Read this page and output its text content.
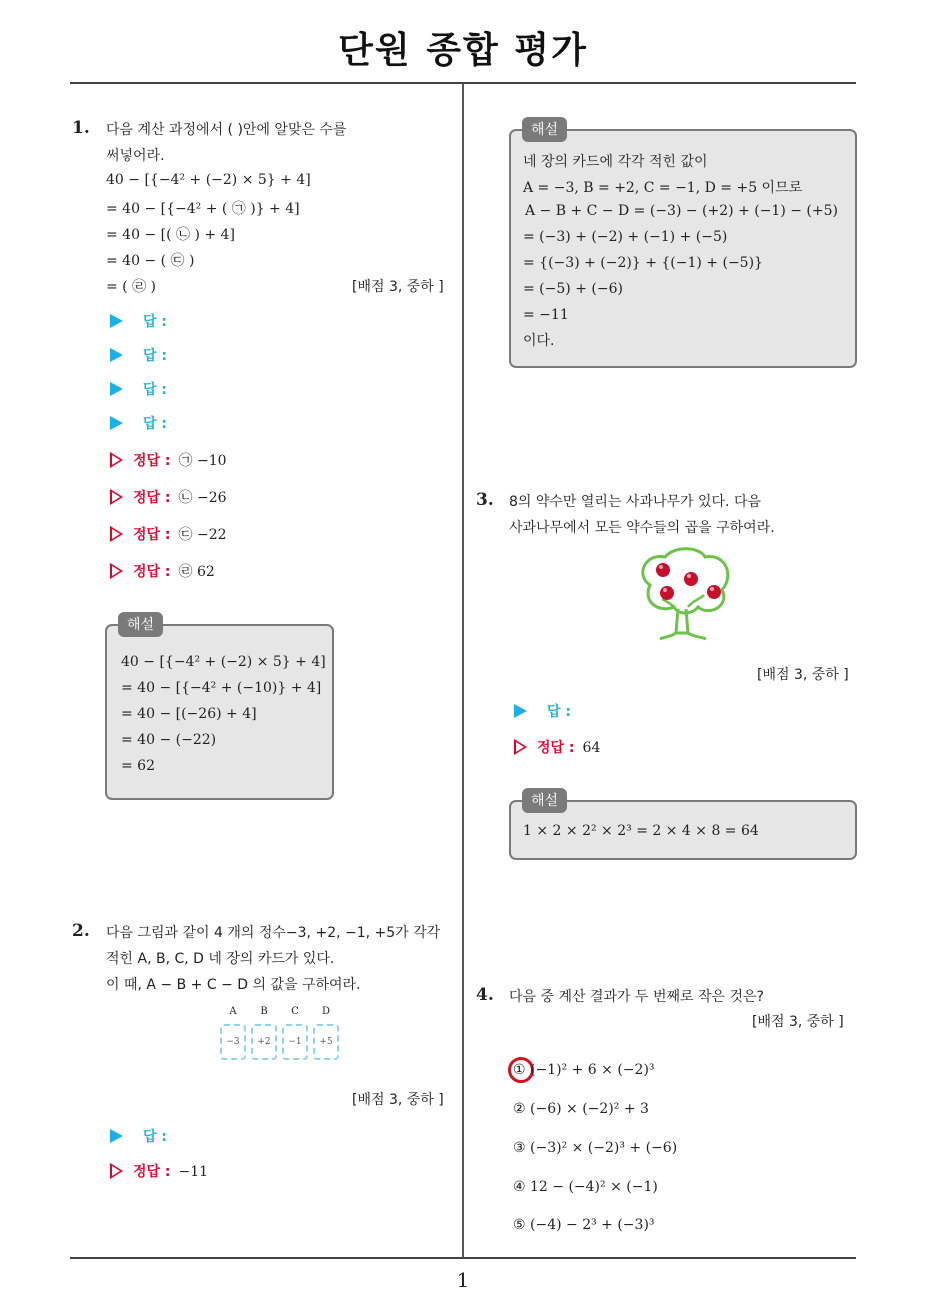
단원 종합 평가
1. 다음 계산 과정에서 ( )안에 알맞은 수를
써넣어라.
40 − [{−4² + (−2) × 5} + 4]
= 40 − [{−4² + ( ㉠ )} + 4]
= 40 − [( ㉡ ) + 4]
= 40 − ( ㉢ )
= ( ㉣ )	[배점 3, 중하 ]
답 :
답 :
답 :
답 :
정답 : ㉠ −10
정답 : ㉡ −26
정답 : ㉢ −22
정답 : ㉣ 62
40 − [{−4² + (−2) × 5} + 4]
= 40 − [{−4² + (−10)} + 4]
= 40 − [(−26) + 4]
= 40 − (−22)
= 62
해설
2. 다음 그림과 같이 4 개의 정수−3, +2, −1, +5가 각각
적힌 A, B, C, D 네 장의 카드가 있다.
이 때, A − B + C − D 의 값을 구하여라.
A	B	C	D
−3	+2	−1	+5
[배점 3, 중하 ]
답 :
정답 : −11
네 장의 카드에 각각 적힌 값이
A = −3, B = +2, C = −1, D = +5 이므로
A − B + C − D = (−3) − (+2) + (−1) − (+5)
= (−3) + (−2) + (−1) + (−5)
= {(−3) + (−2)} + {(−1) + (−5)}
= (−5) + (−6)
= −11
이다.
해설
3. 8의 약수만 열리는 사과나무가 있다. 다음
사과나무에서 모든 약수들의 곱을 구하여라.
[배점 3, 중하 ]
답 :
정답 : 64
1 × 2 × 2² × 2³ = 2 × 4 × 8 = 64
해설
4. 다음 중 계산 결과가 두 번째로 작은 것은?
[배점 3, 중하 ]
① (−1)² + 6 × (−2)³
② (−6) × (−2)² + 3
③ (−3)² × (−2)³ + (−6)
④ 12 − (−4)² × (−1)
⑤ (−4) − 2³ + (−3)³
1
